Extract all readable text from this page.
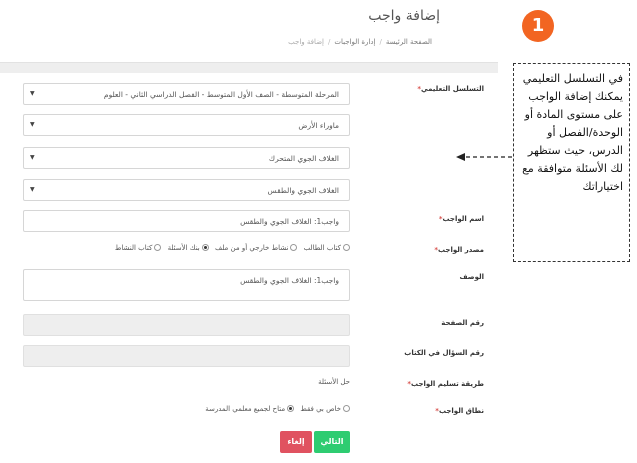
إضافة واجب
الصفحة الرئيسة/إدارة الواجبات/إضافة واجب
التسلسل التعليمي*
المرحلة المتوسطة - الصف الأول المتوسط - الفصل الدراسي الثاني - العلوم
▼
ماوراء الأرض
▼
الغلاف الجوي المتحرك
▼
الغلاف الجوي والطقس
▼
اسم الواجب*
واجب1: الغلاف الجوي والطقس
مصدر الواجب*
كتاب الطالب نشاط خارجي أو من ملف بنك الأسئلة كتاب النشاط
الوصف
واجب1: الغلاف الجوي والطقس
رقم الصفحة
رقم السؤال في الكتاب
طريقة تسليم الواجب*
حل الأسئلة
نطاق الواجب*
خاص بي فقط متاح لجميع معلمي المدرسة
التالي
إلغاء
1
في التسلسل التعليمي يمكنك إضافة الواجب على مستوى المادة أو الوحدة/الفصل أو الدرس، حيث ستظهر لك الأسئلة متوافقة مع اختياراتك
